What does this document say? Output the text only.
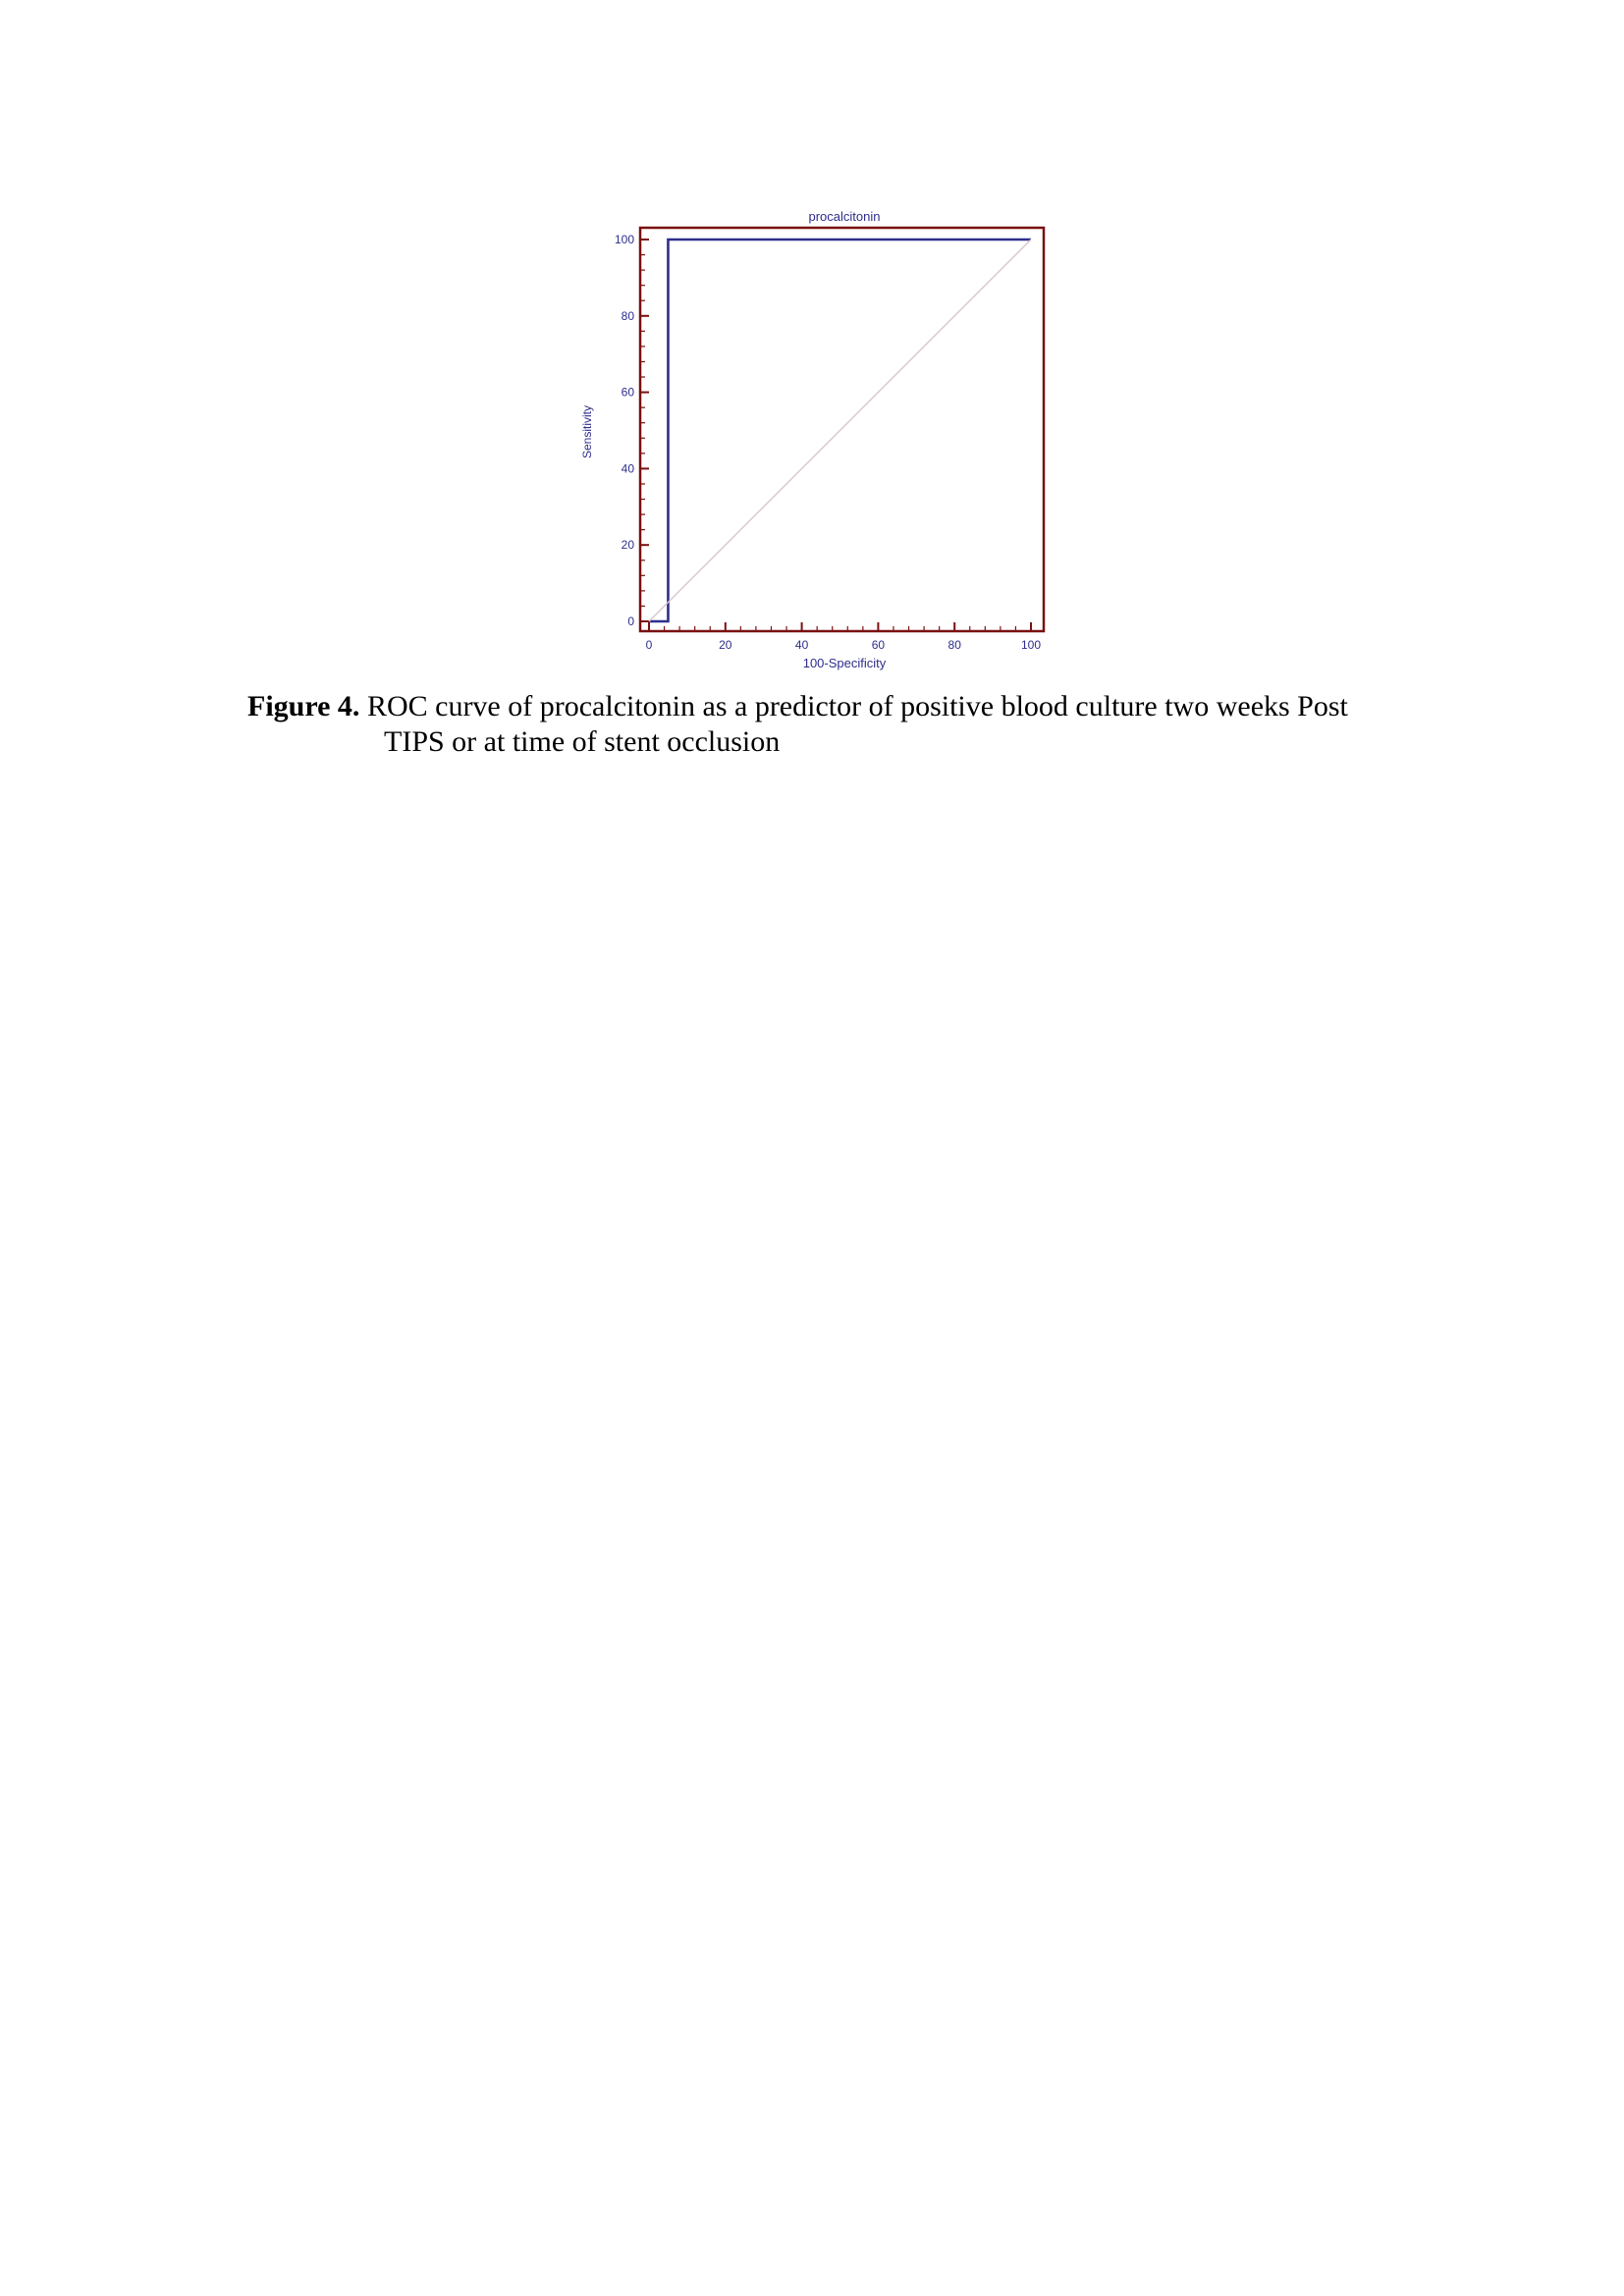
procalcitonin
0
20
40
60
80
100
0	20	40	60	80	100
Sensitivity
100-Specificity
Figure 4. ROC curve of procalcitonin as a predictor of positive blood culture two weeks Post
TIPS or at time of stent occlusion
